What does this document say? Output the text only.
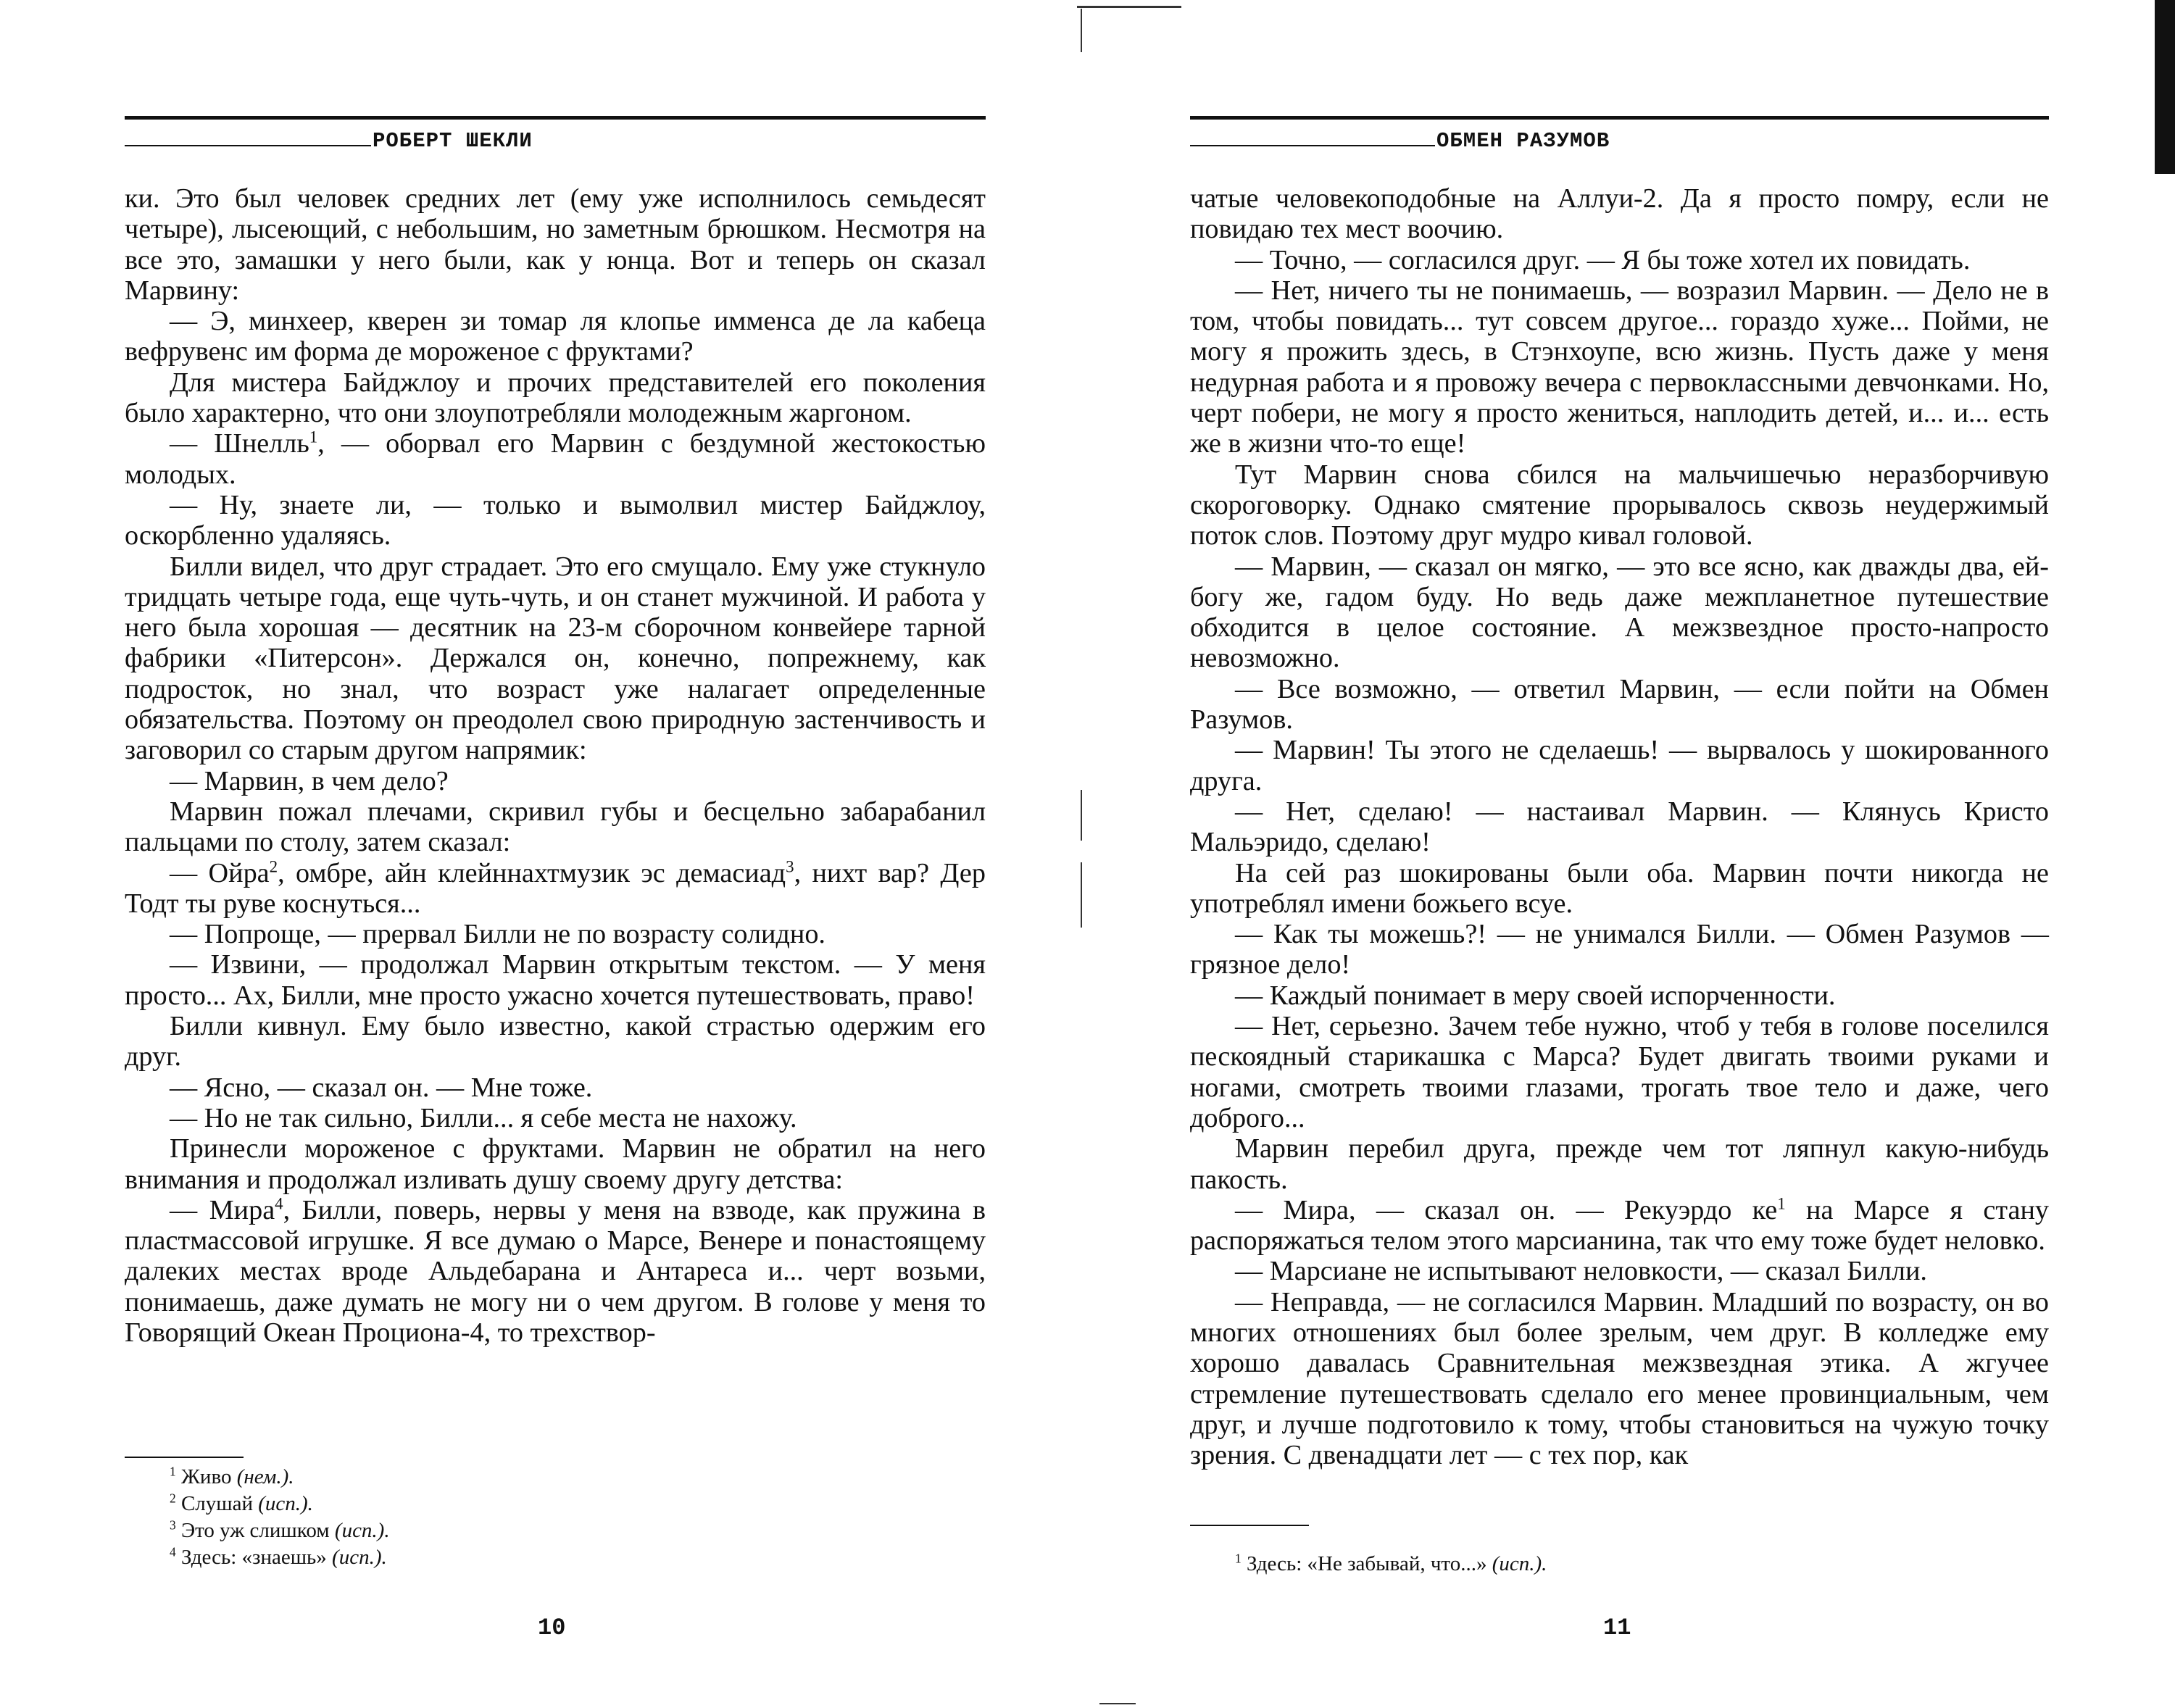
РОБЕРТ ШЕКЛИ

ки. Это был человек средних лет (ему уже исполнилось семьдесят четыре), лысеющий, с небольшим, но заметным брюшком. Несмотря на все это, замашки у него были, как у юнца. Вот и теперь он сказал Марвину:

— Э, минхеер, кверен зи томар ля клопье имменса де ла кабеца вефрувенс им форма де мороженое с фруктами?

Для мистера Байджлоу и прочих представителей его поколения было характерно, что они злоупотребляли молодежным жаргоном.

— Шнелль$^1$, — оборвал его Марвин с бездумной жестокостью молодых.

— Ну, знаете ли, — только и вымолвил мистер Байджлоу, оскорбленно удаляясь.

Билли видел, что друг страдает. Это его смущало. Ему уже стукнуло тридцать четыре года, еще чуть-чуть, и он станет мужчиной. И работа у него была хорошая — десятник на 23-м сборочном конвейере тарной фабрики «Питерсон». Держался он, конечно, попрежнему, как подросток, но знал, что возраст уже налагает определенные обязательства. Поэтому он преодолел свою природную застенчивость и заговорил со старым другом напрямик:

— Марвин, в чем дело?

Марвин пожал плечами, скривил губы и бесцельно забарабанил пальцами по столу, затем сказал:

— Ойра$^2$, омбре, айн клейннахтмузик эс демасиад$^3$, нихт вар? Дер Тодт ты руве коснуться...

— Попроще, — прервал Билли не по возрасту солидно.

— Извини, — продолжал Марвин открытым текстом. — У меня просто... Ах, Билли, мне просто ужасно хочется путешествовать, право!

Билли кивнул. Ему было известно, какой страстью одержим его друг.

— Ясно, — сказал он. — Мне тоже.

— Но не так сильно, Билли... я себе места не нахожу.

Принесли мороженое с фруктами. Марвин не обратил на него внимания и продолжал изливать душу своему другу детства:

— Мира$^4$, Билли, поверь, нервы у меня на взводе, как пружина в пластмассовой игрушке. Я все думаю о Марсе, Венере и понастоящему далеких местах вроде Альдебарана и Антареса и... черт возьми, понимаешь, даже думать не могу ни о чем другом. В голове у меня то Говорящий Океан Проциона-4, то трехствор-

$^1$ Живо (нем.).

$^2$ Слушай (исп.).

$^3$ Это уж слишком (исп.).

$^4$ Здесь: «знаешь» (исп.).

10
ОБМЕН РАЗУМОВ

чатые человекоподобные на Аллуи-2. Да я просто помру, если не повидаю тех мест воочию.

— Точно, — согласился друг. — Я бы тоже хотел их повидать.

— Нет, ничего ты не понимаешь, — возразил Марвин. — Дело не в том, чтобы повидать... тут совсем другое... гораздо хуже... Пойми, не могу я прожить здесь, в Стэнхоупе, всю жизнь. Пусть даже у меня недурная работа и я провожу вечера с первоклассными девчонками. Но, черт побери, не могу я просто жениться, наплодить детей, и... и... есть же в жизни что-то еще!

Тут Марвин снова сбился на мальчишечью неразборчивую скороговорку. Однако смятение прорывалось сквозь неудержимый поток слов. Поэтому друг мудро кивал головой.

— Марвин, — сказал он мягко, — это все ясно, как дважды два, ей-богу же, гадом буду. Но ведь даже межпланетное путешествие обходится в целое состояние. А межзвездное просто-напросто невозможно.

— Все возможно, — ответил Марвин, — если пойти на Обмен Разумов.

— Марвин! Ты этого не сделаешь! — вырвалось у шокированного друга.

— Нет, сделаю! — настаивал Марвин. — Клянусь Кристо Мальэридо, сделаю!

На сей раз шокированы были оба. Марвин почти никогда не употреблял имени божьего всуе.

— Как ты можешь?! — не унимался Билли. — Обмен Разумов — грязное дело!

— Каждый понимает в меру своей испорченности.

— Нет, серьезно. Зачем тебе нужно, чтоб у тебя в голове поселился пескоядный старикашка с Марса? Будет двигать твоими руками и ногами, смотреть твоими глазами, трогать твое тело и даже, чего доброго...

Марвин перебил друга, прежде чем тот ляпнул какую-нибудь пакость.

— Мира, — сказал он. — Рекуэрдо $ке^1$ на Марсе я стану распоряжаться телом этого марсианина, так что ему тоже будет неловко.

— Марсиане не испытывают неловкости, — сказал Билли.

— Неправда, — не согласился Марвин. Младший по возрасту, он во многих отношениях был более зрелым, чем друг. В колледже ему хорошо давалась Сравнительная межзвездная этика. А жгучее стремление путешествовать сделало его менее провинциальным, чем друг, и лучше подготовило к тому, чтобы становиться на чужую точку зрения. С двенадцати лет — с тех пор, как

$^1$ Здесь: «Не забывай, что...» (исп.).

11
